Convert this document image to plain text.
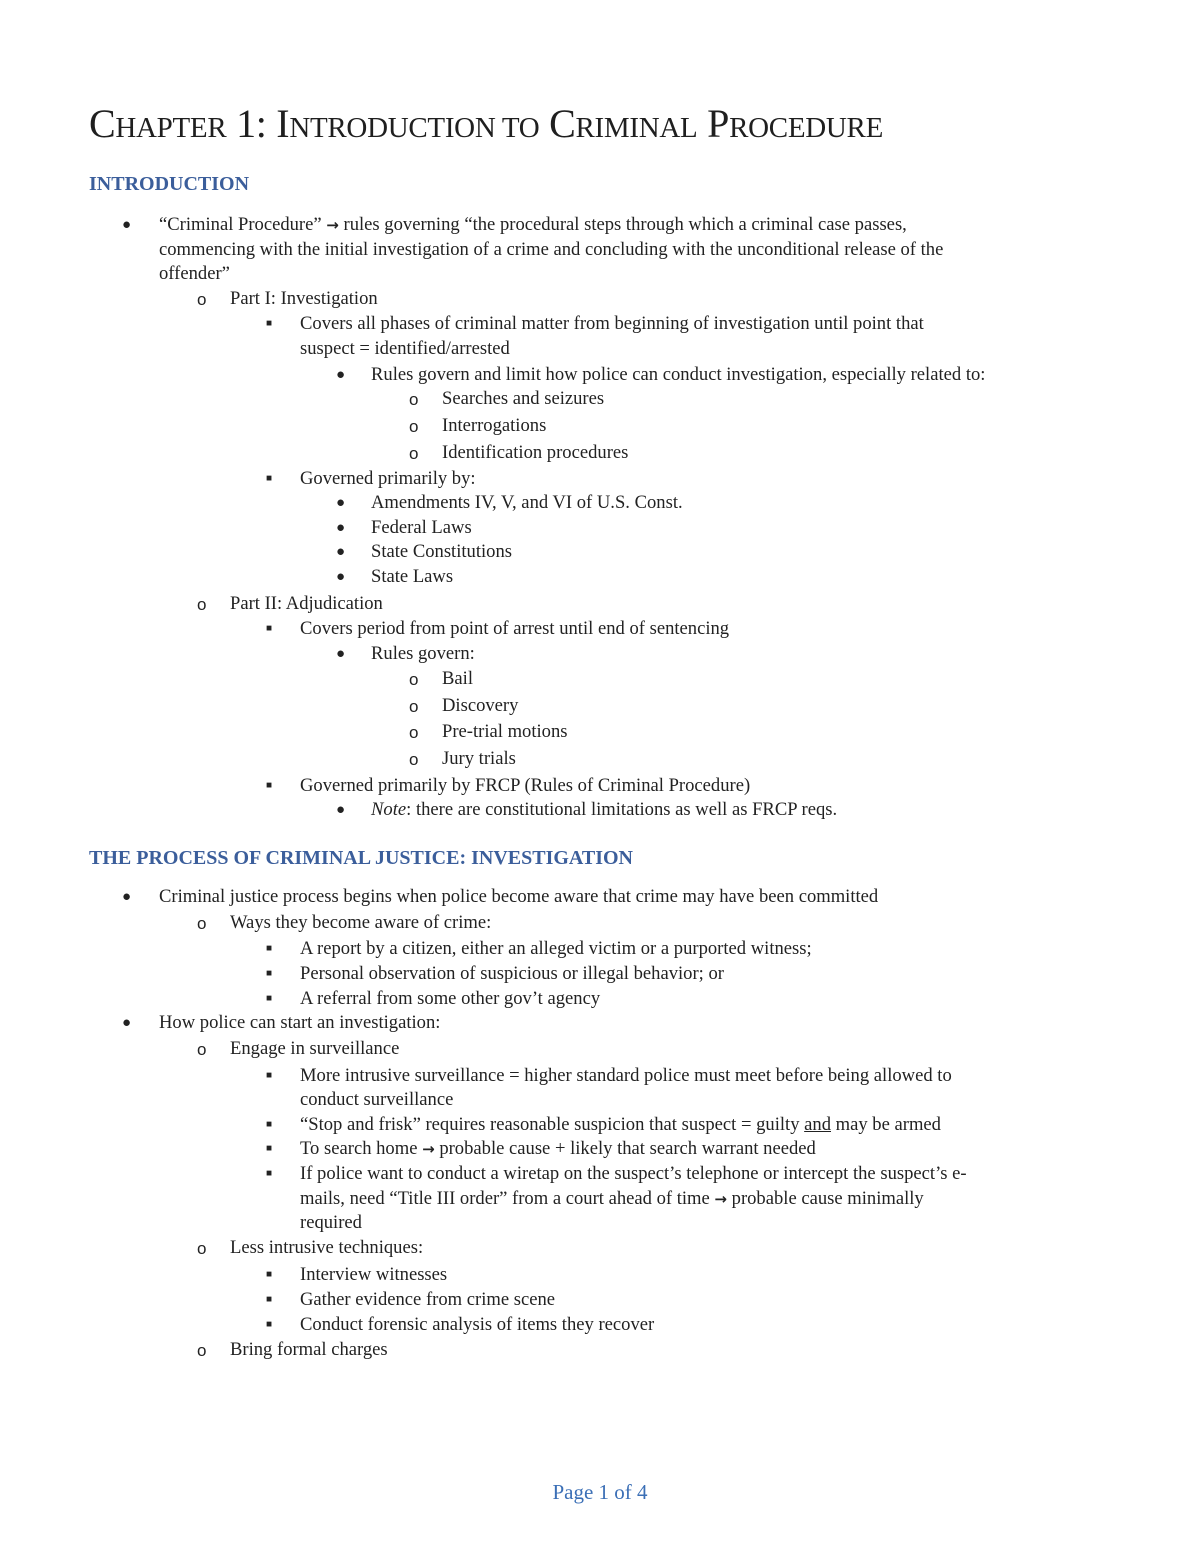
CHAPTER 1: INTRODUCTION TO CRIMINAL PROCEDURE
INTRODUCTION
● “Criminal Procedure” → rules governing “the procedural steps through which a criminal case passes,
commencing with the initial investigation of a crime and concluding with the unconditional release of the
offender”
o Part I: Investigation
■ Covers all phases of criminal matter from beginning of investigation until point that
suspect = identified/arrested
● Rules govern and limit how police can conduct investigation, especially related to:
o Searches and seizures
o Interrogations
o Identification procedures
■ Governed primarily by:
● Amendments IV, V, and VI of U.S. Const.
● Federal Laws
● State Constitutions
● State Laws
o Part II: Adjudication
■ Covers period from point of arrest until end of sentencing
● Rules govern:
o Bail
o Discovery
o Pre-trial motions
o Jury trials
■ Governed primarily by FRCP (Rules of Criminal Procedure)
● Note: there are constitutional limitations as well as FRCP reqs.
THE PROCESS OF CRIMINAL JUSTICE: INVESTIGATION
● Criminal justice process begins when police become aware that crime may have been committed
o Ways they become aware of crime:
■ A report by a citizen, either an alleged victim or a purported witness;
■ Personal observation of suspicious or illegal behavior; or
■ A referral from some other gov’t agency
● How police can start an investigation:
o Engage in surveillance
■ More intrusive surveillance = higher standard police must meet before being allowed to
conduct surveillance
■ “Stop and frisk” requires reasonable suspicion that suspect = guilty and may be armed
■ To search home → probable cause + likely that search warrant needed
■ If police want to conduct a wiretap on the suspect’s telephone or intercept the suspect’s e-
mails, need “Title III order” from a court ahead of time → probable cause minimally
required
o Less intrusive techniques:
■ Interview witnesses
■ Gather evidence from crime scene
■ Conduct forensic analysis of items they recover
o Bring formal charges
Page 1 of 4
